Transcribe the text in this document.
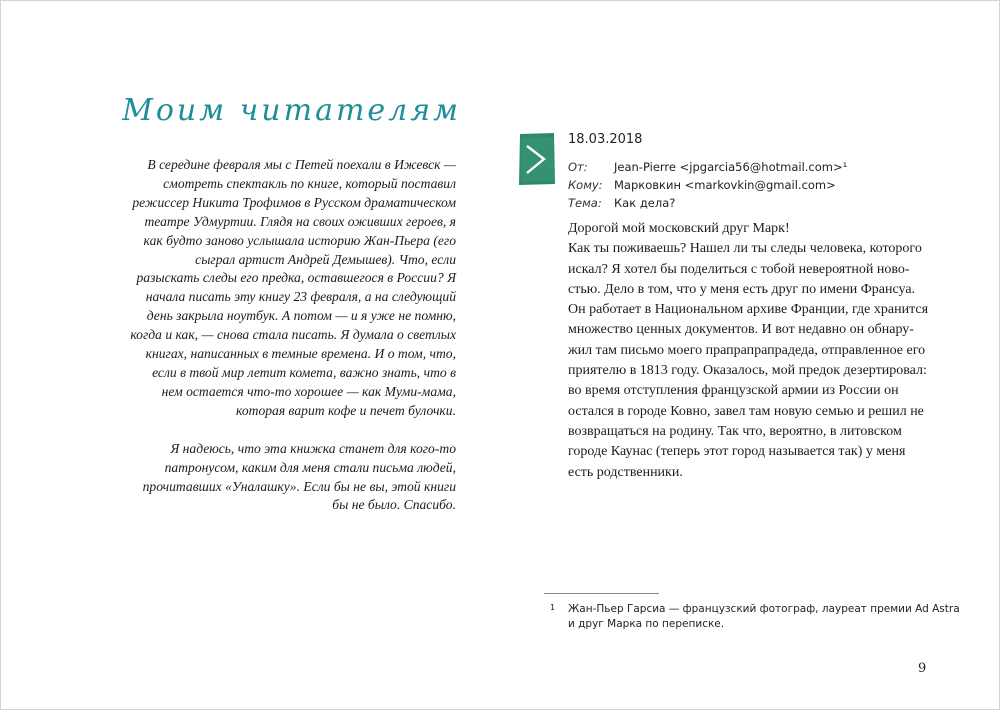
Моим читателям

В середине февраля мы с Петей поехали в Ижевск — смотреть спектакль по книге, который поставил режиссер Никита Трофимов в Русском драматическом театре Удмуртии. Глядя на своих оживших героев, я как будто заново услышала историю Жан-Пьера (его сыграл артист Андрей Демышев). Что, если разыскать следы его предка, оставшегося в России? Я начала писать эту книгу 23 февраля, а на следующий день закрыла ноутбук. А потом — и я уже не помню, когда и как, — снова стала писать. Я думала о светлых книгах, написанных в темные времена. И о том, что, если в твой мир летит комета, важно знать, что в нем остается что-то хорошее — как Муми-мама, которая варит кофе и печет булочки.

Я надеюсь, что эта книжка станет для кого-то патронусом, каким для меня стали письма людей, прочитавших «Уналашку». Если бы не вы, этой книги бы не было. Спасибо.

18.03.2018
От: Jean-Pierre <jpgarcia56@hotmail.com>¹
Кому: Марковкин <markovkin@gmail.com>
Тема: Как дела?
Дорогой мой московский друг Марк!
Как ты поживаешь? Нашел ли ты следы человека, которого
искал? Я хотел бы поделиться с тобой невероятной ново-
стью. Дело в том, что у меня есть друг по имени Франсуа.
Он работает в Национальном архиве Франции, где хранится
множество ценных документов. И вот недавно он обнару-
жил там письмо моего прапрапрапрадеда, отправленное его
приятелю в 1813 году. Оказалось, мой предок дезертировал:
во время отступления французской армии из России он
остался в городе Ковно, завел там новую семью и решил не
возвращаться на родину. Так что, вероятно, в литовском
городе Каунас (теперь этот город называется так) у меня
есть родственники.
1 Жан-Пьер Гарсиа — французский фотограф, лауреат премии Ad Astra
и друг Марка по переписке.
9
